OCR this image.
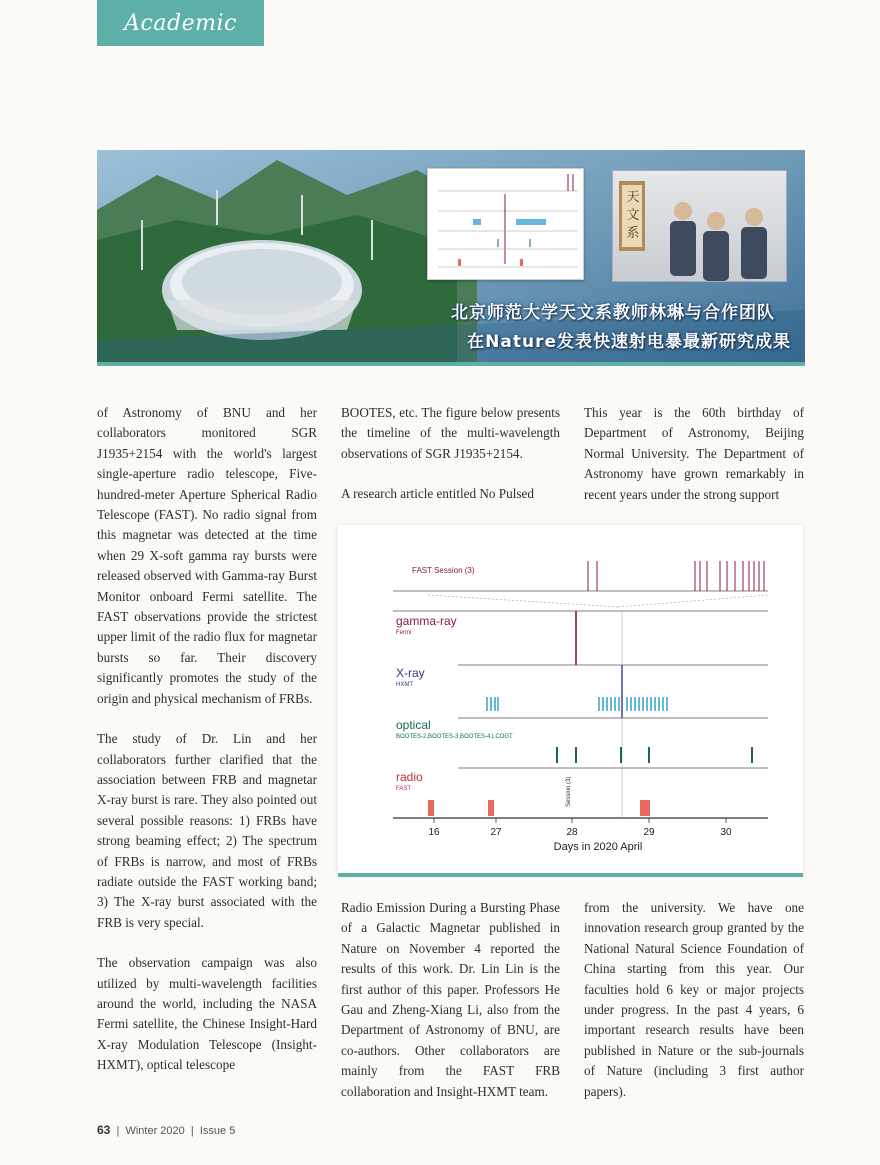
Academic
天文系
北京师范大学天文系教师林琳与合作团队
在Nature发表快速射电暴最新研究成果

of Astronomy of BNU and her collaborators monitored SGR J1935+2154 with the world's largest single-aperture radio telescope, Five-hundred-meter Aperture Spherical Radio Telescope (FAST). No radio signal from this magnetar was detected at the time when 29 X-soft gamma ray bursts were released observed with Gamma-ray Burst Monitor onboard Fermi satellite. The FAST observations provide the strictest upper limit of the radio flux for magnetar bursts so far. Their discovery significantly promotes the study of the origin and physical mechanism of FRBs.

The study of Dr. Lin and her collaborators further clarified that the association between FRB and magnetar X-ray burst is rare. They also pointed out several possible reasons: 1) FRBs have strong beaming effect; 2) The spectrum of FRBs is narrow, and most of FRBs radiate outside the FAST working band; 3) The X-ray burst associated with the FRB is very special.

The observation campaign was also utilized by multi-wavelength facilities around the world, including the NASA Fermi satellite, the Chinese Insight-Hard X-ray Modulation Telescope (Insight-HXMT), optical telescope

BOOTES, etc. The figure below presents the timeline of the multi-wavelength observations of SGR J1935+2154.

A research article entitled No Pulsed

This year is the 60th birthday of Department of Astronomy, Beijing Normal University. The Department of Astronomy have grown remarkably in recent years under the strong support

FAST Session (3)
gamma-ray
Fermi
X-ray
HXMT
optical
BOOTES-2,BOOTES-3,BOOTES-4,LCOGT
radio
FAST	Session (3)
16	27	28	29	30
Days in 2020 April

Radio Emission During a Bursting Phase of a Galactic Magnetar published in Nature on November 4 reported the results of this work. Dr. Lin Lin is the first author of this paper. Professors He Gau and Zheng-Xiang Li, also from the Department of Astronomy of BNU, are co-authors. Other collaborators are mainly from the FAST FRB collaboration and Insight-HXMT team.

from the university. We have one innovation research group granted by the National Natural Science Foundation of China starting from this year. Our faculties hold 6 key or major projects under progress. In the past 4 years, 6 important research results have been published in Nature or the sub-journals of Nature (including 3 first author papers).

63  |  Winter 2020  |  Issue 5
